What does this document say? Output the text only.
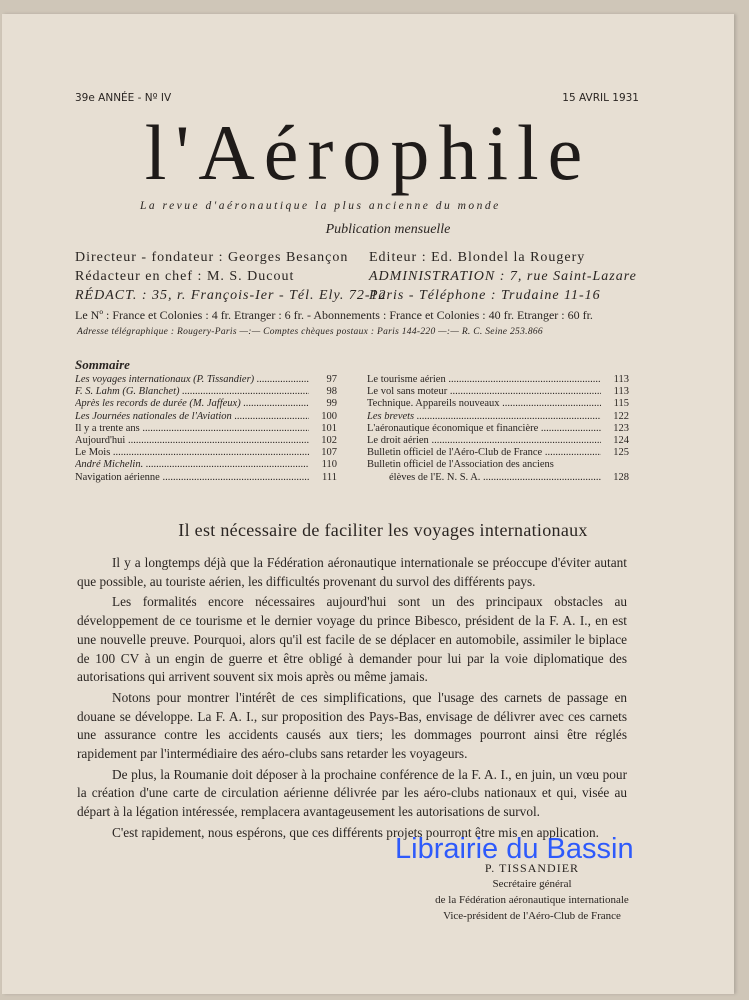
39e ANNÉE - Nº IV	15 AVRIL 1931
l'Aérophile
La revue d'aéronautique la plus ancienne du monde
Publication mensuelle
Directeur - fondateur : Georges Besançon
Rédacteur en chef : M. S. Ducout
RÉDACT. : 35, r. François-Ier - Tél. Ely. 72-12
Editeur : Ed. Blondel la Rougery
ADMINISTRATION : 7, rue Saint-Lazare
Paris - Téléphone : Trudaine 11-16
Le Nº : France et Colonies : 4 fr. Etranger : 6 fr. - Abonnements : France et Colonies : 40 fr. Etranger : 60 fr.
Adresse télégraphique : Rougery-Paris —:— Comptes chèques postaux : Paris 144-220 —:— R. C. Seine 253.866
Sommaire
Les voyages internationaux (P. Tissandier) .....	97
F. S. Lahm (G. Blanchet) .....	98
Après les records de durée (M. Jaffeux) .....	99
Les Journées nationales de l'Aviation .....	100
Il y a trente ans .....	101
Aujourd'hui .....	102
Le Mois .....	107
André Michelin. .....	110
Navigation aérienne .....	111
Le tourisme aérien .....	113
Le vol sans moteur .....	113
Technique. Appareils nouveaux .....	115
Les brevets .....	122
L'aéronautique économique et financière .....	123
Le droit aérien .....	124
Bulletin officiel de l'Aéro-Club de France .....	125
Bulletin officiel de l'Association des anciens
élèves de l'E. N. S. A. .....	128
Il est nécessaire de faciliter les voyages internationaux

Il y a longtemps déjà que la Fédération aéronautique internationale se préoccupe d'éviter autant que possible, au touriste aérien, les difficultés provenant du survol des différents pays.

Les formalités encore nécessaires aujourd'hui sont un des principaux obstacles au développement de ce tourisme et le dernier voyage du prince Bibesco, président de la F. A. I., en est une nouvelle preuve. Pourquoi, alors qu'il est facile de se déplacer en automobile, assimiler le biplace de 100 CV à un engin de guerre et être obligé à demander pour lui par la voie diplomatique des autorisations qui arrivent souvent six mois après ou même jamais.

Notons pour montrer l'intérêt de ces simplifications, que l'usage des carnets de passage en douane se développe. La F. A. I., sur proposition des Pays-Bas, envisage de délivrer avec ces carnets une assurance contre les accidents causés aux tiers; les dommages pourront ainsi être réglés rapidement par l'intermédiaire des aéro-clubs sans retarder les voyageurs.

De plus, la Roumanie doit déposer à la prochaine conférence de la F. A. I., en juin, un vœu pour la création d'une carte de circulation aérienne délivrée par les aéro-clubs nationaux et qui, visée au départ à la légation intéressée, remplacera avantageusement les autorisations de survol.

C'est rapidement, nous espérons, que ces différents projets pourront être mis en application.

P. TISSANDIER
Secrétaire général
de la Fédération aéronautique internationale
Vice-président de l'Aéro-Club de France
Librairie du Bassin
